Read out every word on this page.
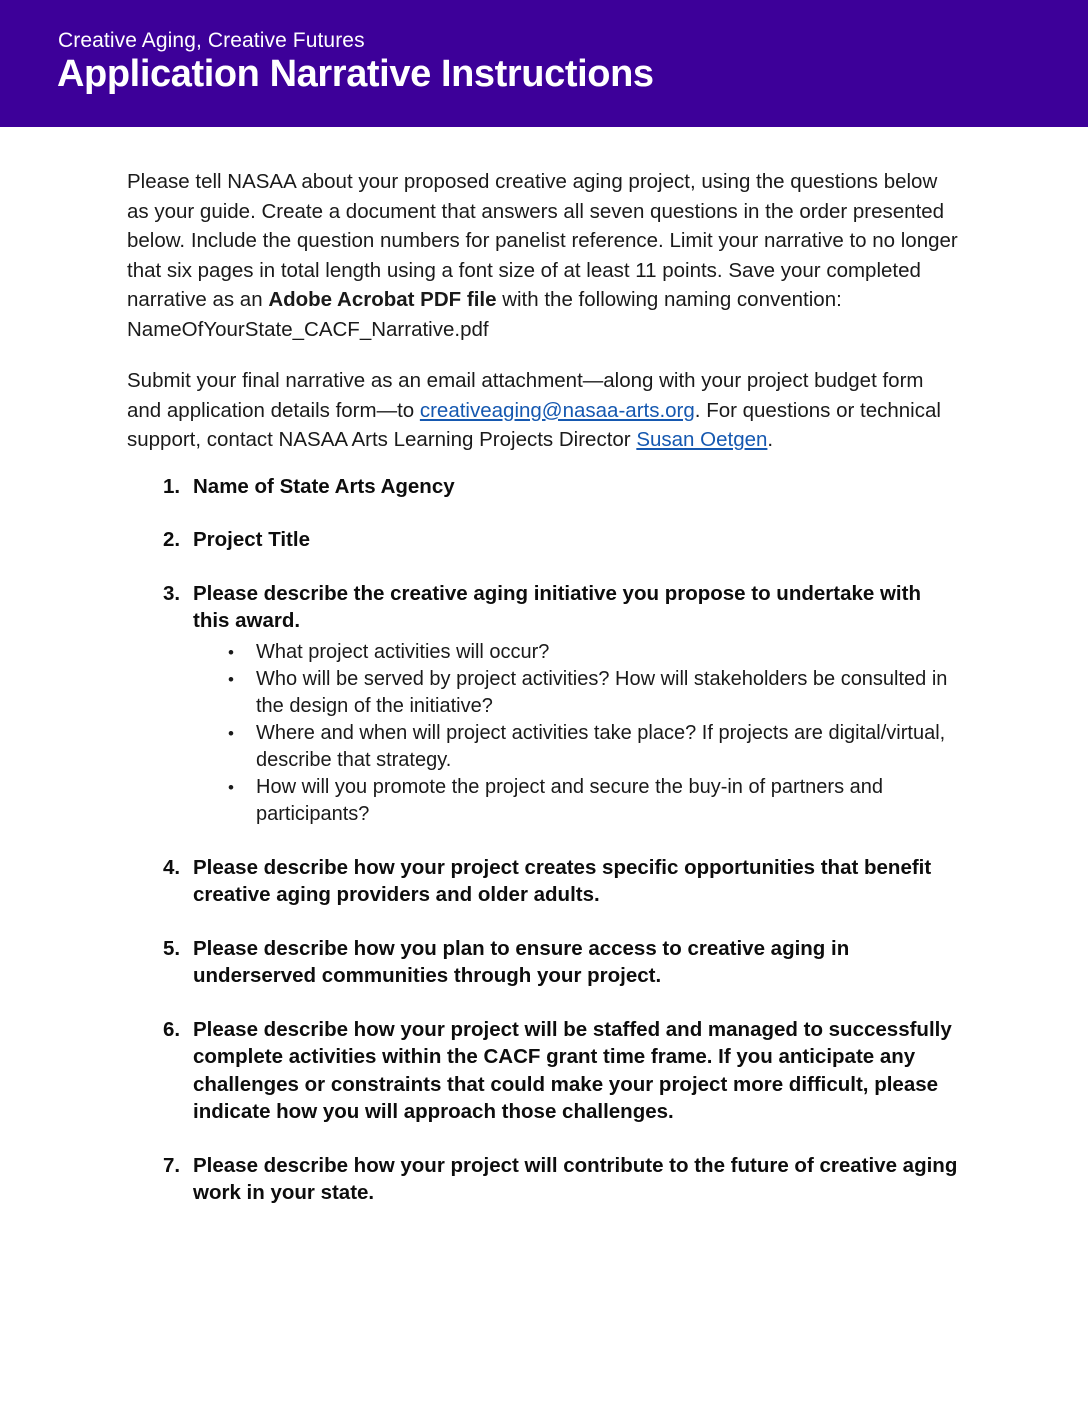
Creative Aging, Creative Futures
Application Narrative Instructions

Please tell NASAA about your proposed creative aging project, using the questions below as your guide. Create a document that answers all seven questions in the order presented below. Include the question numbers for panelist reference. Limit your narrative to no longer that six pages in total length using a font size of at least 11 points. Save your completed narrative as an Adobe Acrobat PDF file with the following naming convention: NameOfYourState_CACF_Narrative.pdf

Submit your final narrative as an email attachment—along with your project budget form and application details form—to creativeaging@nasaa-arts.org. For questions or technical support, contact NASAA Arts Learning Projects Director Susan Oetgen.

1. Name of State Arts Agency
2. Project Title
3. Please describe the creative aging initiative you propose to undertake with this award.
• What project activities will occur?
• Who will be served by project activities? How will stakeholders be consulted in the design of the initiative?
• Where and when will project activities take place? If projects are digital/virtual, describe that strategy.
• How will you promote the project and secure the buy-in of partners and participants?
4. Please describe how your project creates specific opportunities that benefit creative aging providers and older adults.
5. Please describe how you plan to ensure access to creative aging in underserved communities through your project.
6. Please describe how your project will be staffed and managed to successfully complete activities within the CACF grant time frame. If you anticipate any challenges or constraints that could make your project more difficult, please indicate how you will approach those challenges.
7. Please describe how your project will contribute to the future of creative aging work in your state.
